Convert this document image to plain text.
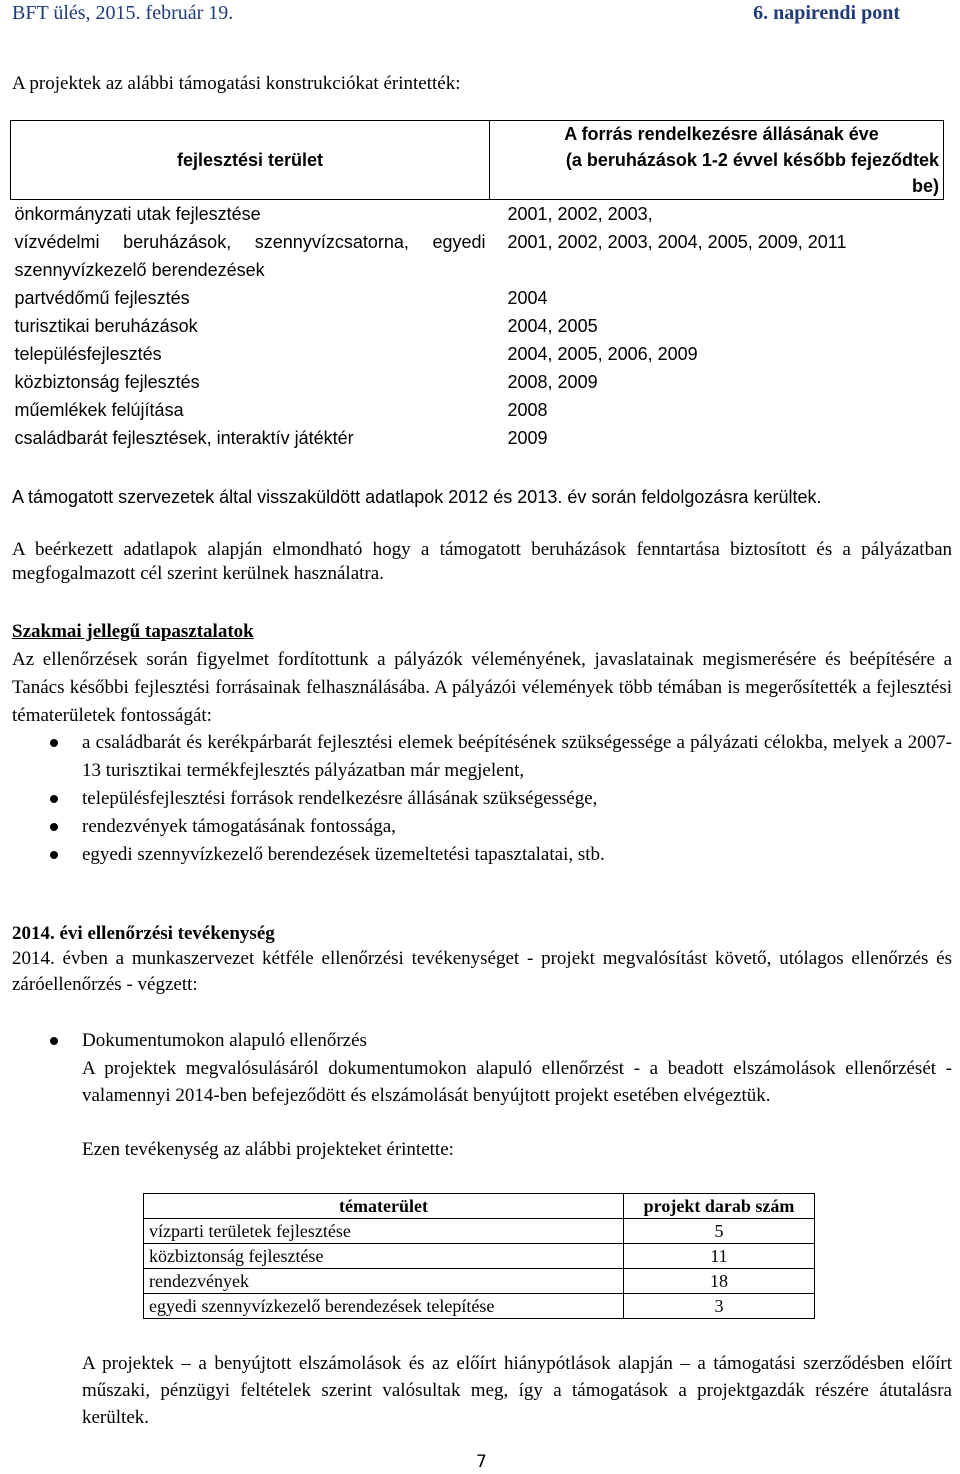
BFT ülés, 2015. február 19.	6. napirendi pont
A projektek az alábbi támogatási konstrukciókat érintették:
fejlesztési terület	A forrás rendelkezésre állásának éve
(a beruházások 1-2 évvel később fejeződtek
be)

önkormányzati utak fejlesztése	2001, 2002, 2003,
vízvédelmi beruházások, szennyvízcsatorna, egyedi szennyvízkezelő berendezések	2001, 2002, 2003, 2004, 2005, 2009, 2011
partvédőmű fejlesztés	2004
turisztikai beruházások	2004, 2005
településfejlesztés	2004, 2005, 2006, 2009
közbiztonság fejlesztés	2008, 2009
műemlékek felújítása	2008
családbarát fejlesztések, interaktív játéktér	2009
A támogatott szervezetek által visszaküldött adatlapok 2012 és 2013. év során feldolgozásra kerültek.
A beérkezett adatlapok alapján elmondható hogy a támogatott beruházások fenntartása biztosított és a pályázatban megfogalmazott cél szerint kerülnek használatra.
Szakmai jellegű tapasztalatok
Az ellenőrzések során figyelmet fordítottunk a pályázók véleményének, javaslatainak megismerésére és beépítésére a Tanács későbbi fejlesztési forrásainak felhasználásába. A pályázói vélemények több témában is megerősítették a fejlesztési tématerületek fontosságát:
a családbarát és kerékpárbarát fejlesztési elemek beépítésének szükségessége a pályázati célokba, melyek a 2007-13 turisztikai termékfejlesztés pályázatban már megjelent,
településfejlesztési források rendelkezésre állásának szükségessége,
rendezvények támogatásának fontossága,
egyedi szennyvízkezelő berendezések üzemeltetési tapasztalatai, stb.
2014. évi ellenőrzési tevékenység
2014. évben a munkaszervezet kétféle ellenőrzési tevékenységet - projekt megvalósítást követő, utólagos ellenőrzés és záróellenőrzés - végzett:
Dokumentumokon alapuló ellenőrzés
A projektek megvalósulásáról dokumentumokon alapuló ellenőrzést - a beadott elszámolások ellenőrzését - valamennyi 2014-ben befejeződött és elszámolását benyújtott projekt esetében elvégeztük.
Ezen tevékenység az alábbi projekteket érintette:
tématerület	projekt darab szám
vízparti területek fejlesztése	5
közbiztonság fejlesztése	11
rendezvények	18
egyedi szennyvízkezelő berendezések telepítése	3
A projektek – a benyújtott elszámolások és az előírt hiánypótlások alapján – a támogatási szerződésben előírt műszaki, pénzügyi feltételek szerint valósultak meg, így a támogatások a projektgazdák részére átutalásra kerültek.
7
